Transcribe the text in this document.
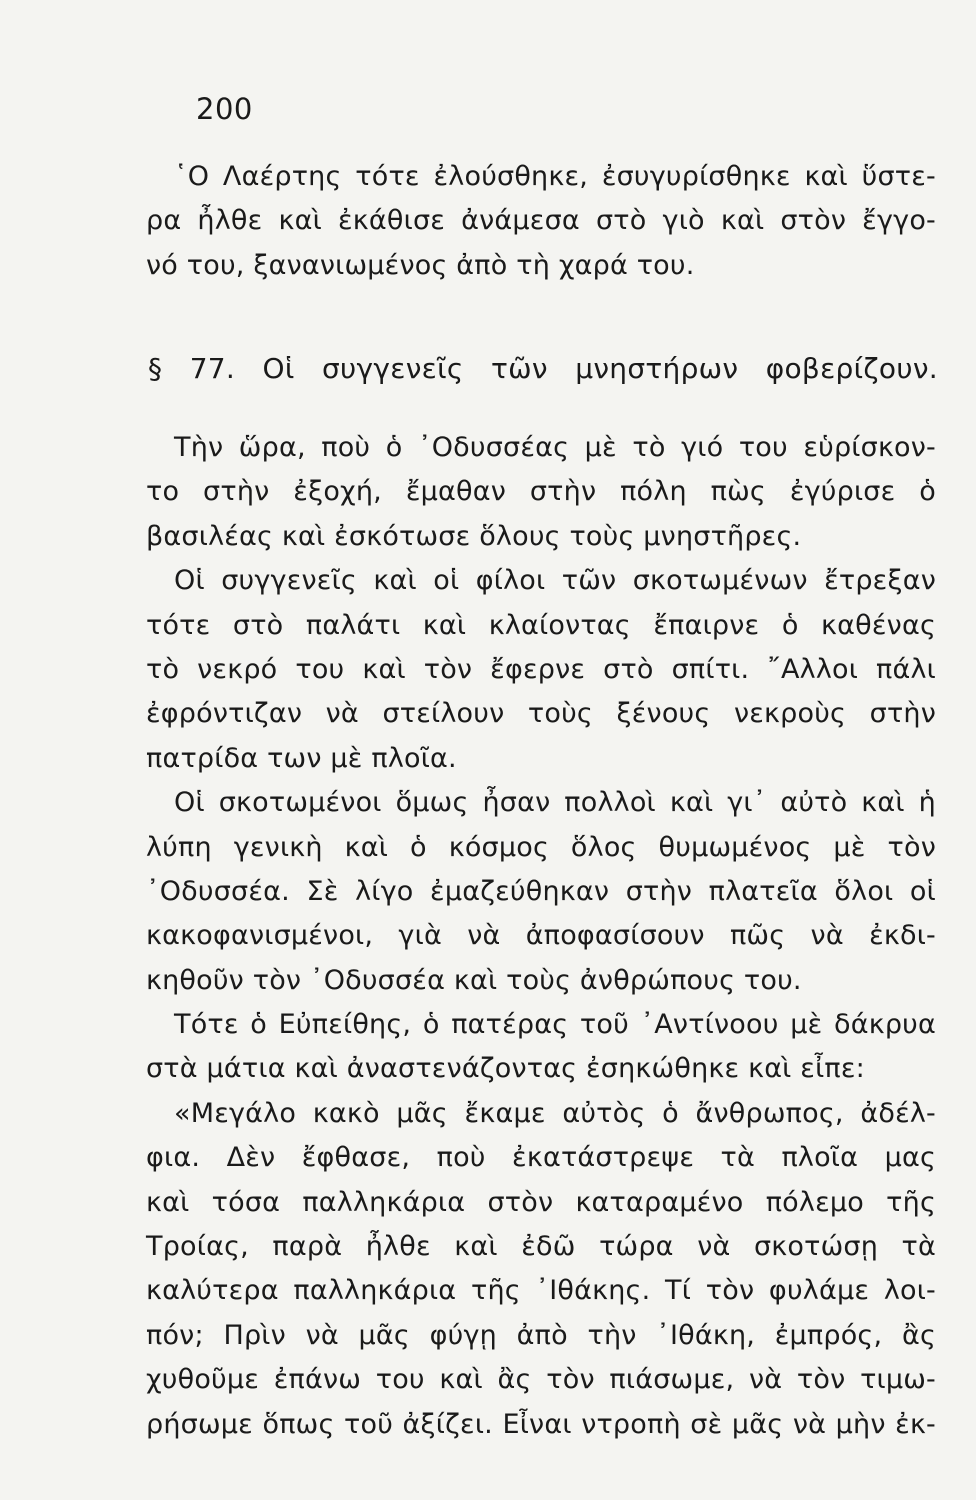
200
῾Ο Λαέρτης τότε ἐλούσθηκε, ἐσυγυρίσθηκε καὶ ὕστε-
ρα ἦλθε καὶ ἐκάθισε ἀνάμεσα στὸ γιὸ καὶ στὸν ἔγγο-
νό του, ξανανιωμένος ἀπὸ τὴ χαρά του.
§ 77. Οἱ συγγενεῖς τῶν μνηστήρων φοβερίζουν.
Τὴν ὥρα, ποὺ ὁ ᾿Οδυσσέας μὲ τὸ γιό του εὑρίσκον-
το στὴν ἐξοχή, ἔμαθαν στὴν πόλη πὼς ἐγύρισε ὁ
βασιλέας καὶ ἐσκότωσε ὅλους τοὺς μνηστῆρες.
Οἱ συγγενεῖς καὶ οἱ φίλοι τῶν σκοτωμένων ἔτρεξαν
τότε στὸ παλάτι καὶ κλαίοντας ἔπαιρνε ὁ καθένας
τὸ νεκρό του καὶ τὸν ἔφερνε στὸ σπίτι. ῎Αλλοι πάλι
ἐφρόντιζαν νὰ στείλουν τοὺς ξένους νεκροὺς στὴν
πατρίδα των μὲ πλοῖα.
Οἱ σκοτωμένοι ὅμως ἦσαν πολλοὶ καὶ γι᾿ αὐτὸ καὶ ἡ
λύπη γενικὴ καὶ ὁ κόσμος ὅλος θυμωμένος μὲ τὸν
᾿Οδυσσέα. Σὲ λίγο ἐμαζεύθηκαν στὴν πλατεῖα ὅλοι οἱ
κακοφανισμένοι, γιὰ νὰ ἀποφασίσουν πῶς νὰ ἐκδι-
κηθοῦν τὸν ᾿Οδυσσέα καὶ τοὺς ἀνθρώπους του.
Τότε ὁ Εὐπείθης, ὁ πατέρας τοῦ ᾿Αντίνοου μὲ δάκρυα
στὰ μάτια καὶ ἀναστενάζοντας ἐσηκώθηκε καὶ εἶπε:
«Μεγάλο κακὸ μᾶς ἔκαμε αὐτὸς ὁ ἄνθρωπος, ἀδέλ-
φια. Δὲν ἔφθασε, ποὺ ἐκατάστρεψε τὰ πλοῖα μας
καὶ τόσα παλληκάρια στὸν καταραμένο πόλεμο τῆς
Τροίας, παρὰ ἦλθε καὶ ἐδῶ τώρα νὰ σκοτώσῃ τὰ
καλύτερα παλληκάρια τῆς ᾿Ιθάκης. Τί τὸν φυλάμε λοι-
πόν; Πρὶν νὰ μᾶς φύγῃ ἀπὸ τὴν ᾿Ιθάκη, ἐμπρός, ἂς
χυθοῦμε ἐπάνω του καὶ ἂς τὸν πιάσωμε, νὰ τὸν τιμω-
ρήσωμε ὅπως τοῦ ἀξίζει. Εἶναι ντροπὴ σὲ μᾶς νὰ μὴν ἐκ-
